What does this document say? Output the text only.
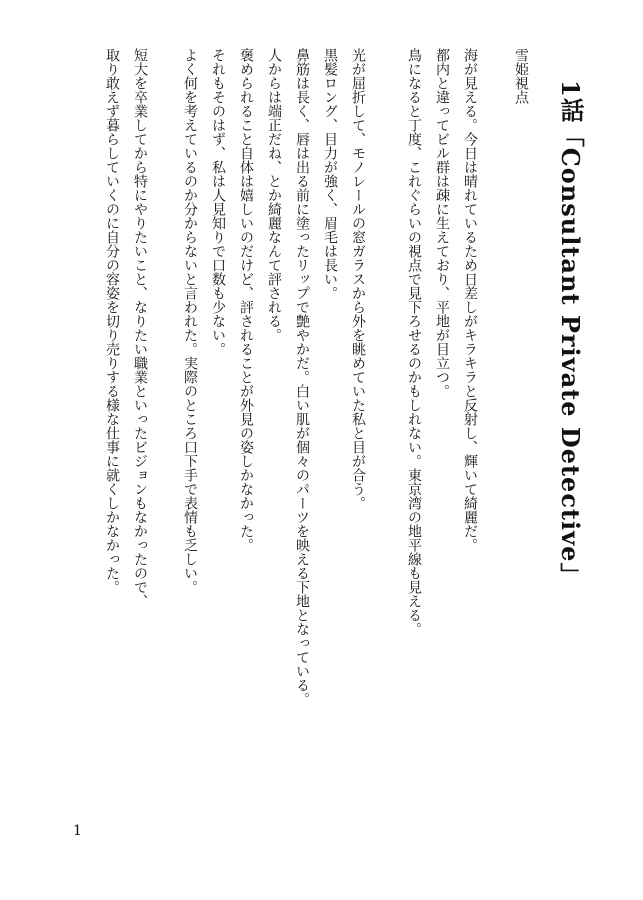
1話「Consultant Private Detective」
雪姫視点
海が見える。今日は晴れているため日差しがキラキラと反射し、輝いて綺麗だ。
都内と違ってビル群は疎に生えており、平地が目立つ。
鳥になると丁度、これぐらいの視点で見下ろせるのかもしれない。東京湾の地平線も見える。
光が屈折して、モノレールの窓ガラスから外を眺めていた私と目が合う。
黒髪ロング、目力が強く、眉毛は長い。
鼻筋は長く、唇は出る前に塗ったリップで艶やかだ。白い肌が個々のパーツを映える下地となっている。
人からは端正だね、とか綺麗なんて評される。
褒められること自体は嬉しいのだけど、評されることが外見の姿しかなかった。
それもそのはず、私は人見知りで口数も少ない。
よく何を考えているのか分からないと言われた。実際のところ口下手で表情も乏しい。
短大を卒業してから特にやりたいこと、なりたい職業といったビジョンもなかったので、
取り敢えず暮らしていくのに自分の容姿を切り売りする様な仕事に就くしかなかった。
1
